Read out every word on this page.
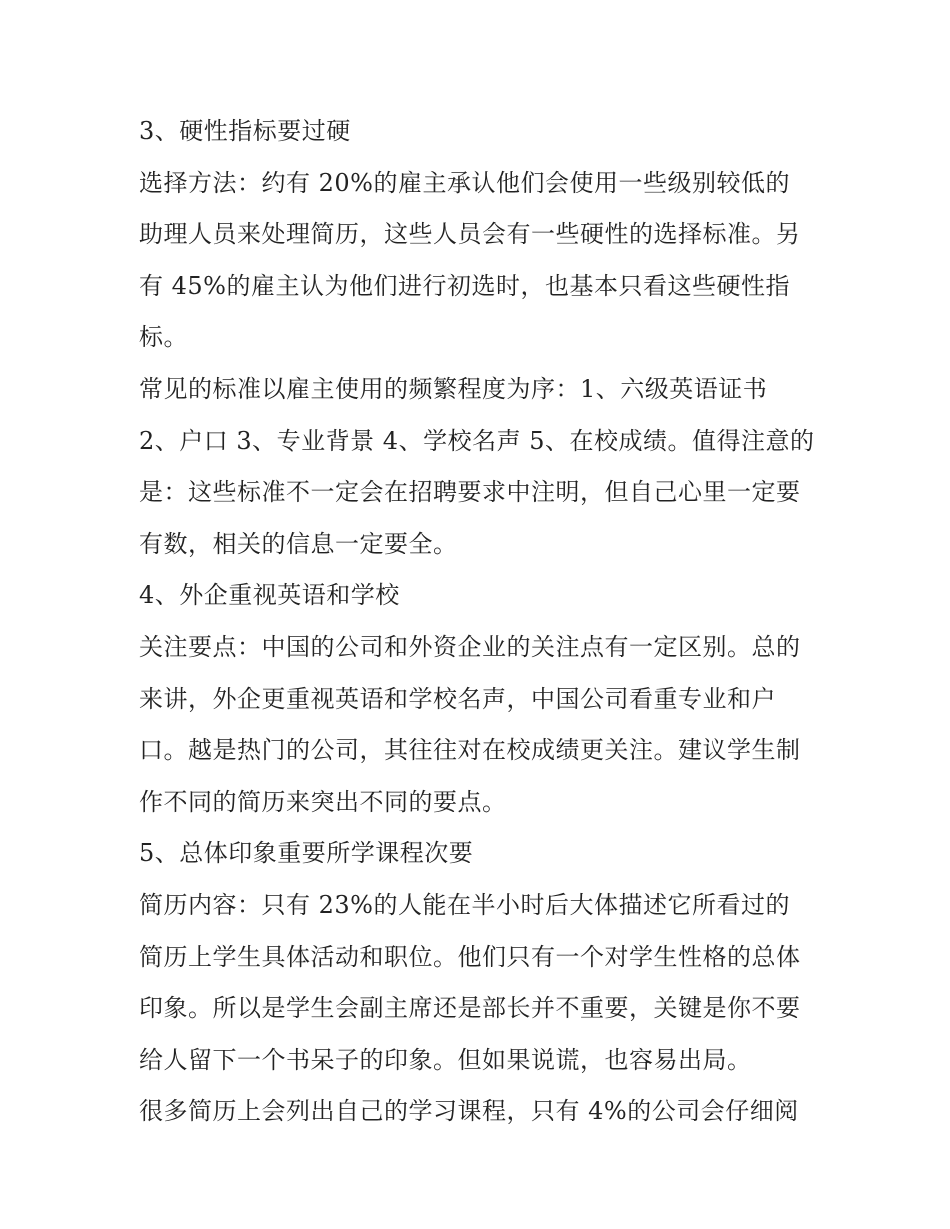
3、硬性指标要过硬
选择方法：约有 20%的雇主承认他们会使用一些级别较低的
助理人员来处理简历，这些人员会有一些硬性的选择标准。另
有 45%的雇主认为他们进行初选时，也基本只看这些硬性指
标。
常见的标准以雇主使用的频繁程度为序：1、六级英语证书
2、户口 3、专业背景 4、学校名声 5、在校成绩。值得注意的
是：这些标准不一定会在招聘要求中注明，但自己心里一定要
有数，相关的信息一定要全。
4、外企重视英语和学校
关注要点：中国的公司和外资企业的关注点有一定区别。总的
来讲，外企更重视英语和学校名声，中国公司看重专业和户
口。越是热门的公司，其往往对在校成绩更关注。建议学生制
作不同的简历来突出不同的要点。
5、总体印象重要所学课程次要
简历内容：只有 23%的人能在半小时后大体描述它所看过的
简历上学生具体活动和职位。他们只有一个对学生性格的总体
印象。所以是学生会副主席还是部长并不重要，关键是你不要
给人留下一个书呆子的印象。但如果说谎，也容易出局。
很多简历上会列出自己的学习课程，只有 4%的公司会仔细阅
